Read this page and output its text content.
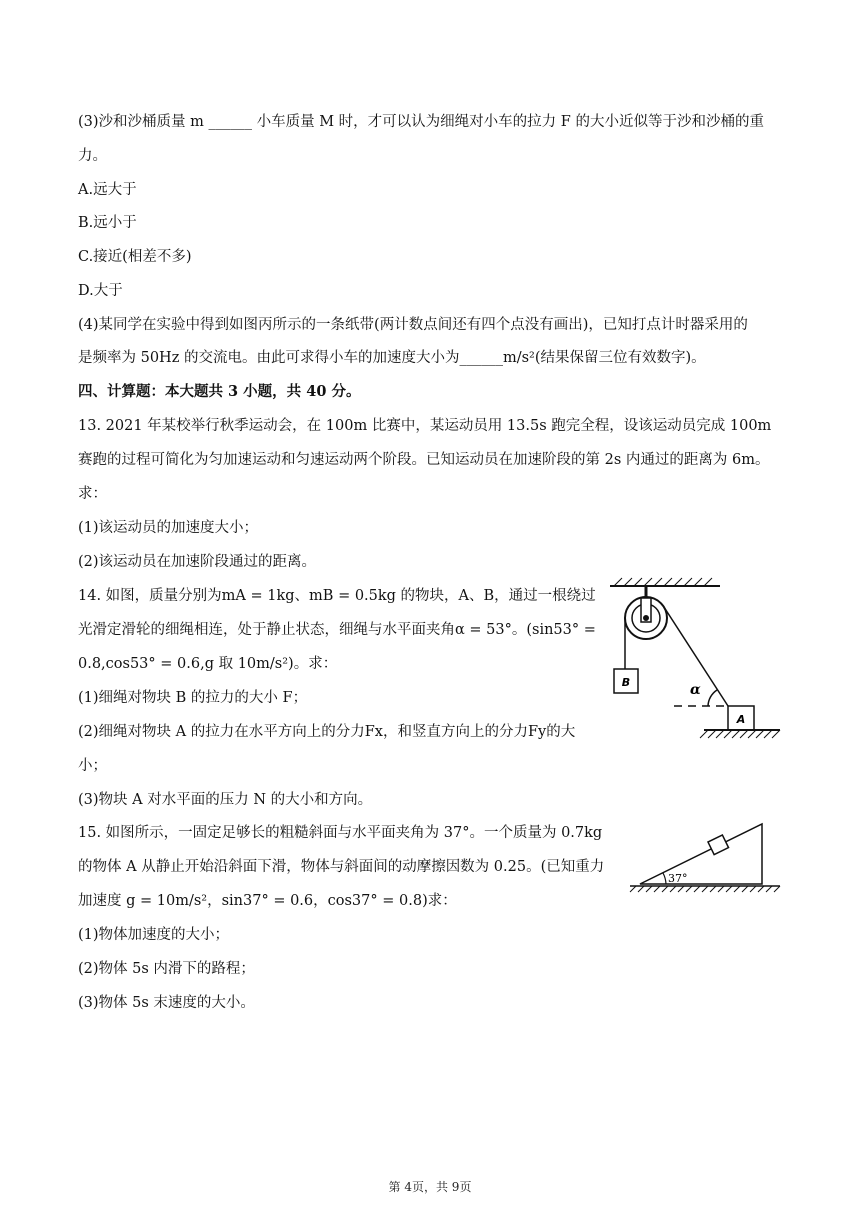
(3)沙和沙桶质量 m ______ 小车质量 M 时，才可以认为细绳对小车的拉力 F 的大小近似等于沙和沙桶的重
力。
A.远大于
B.远小于
C.接近(相差不多)
D.大于
(4)某同学在实验中得到如图丙所示的一条纸带(两计数点间还有四个点没有画出)，已知打点计时器采用的
是频率为 50Hz 的交流电。由此可求得小车的加速度大小为______m/s²(结果保留三位有效数字)。
四、计算题：本大题共 3 小题，共 40 分。
13. 2021 年某校举行秋季运动会，在 100m 比赛中，某运动员用 13.5s 跑完全程，设该运动员完成 100m
赛跑的过程可简化为匀加速运动和匀速运动两个阶段。已知运动员在加速阶段的第 2s 内通过的距离为 6m。
求：
(1)该运动员的加速度大小；
(2)该运动员在加速阶段通过的距离。
14. 如图，质量分别为mA = 1kg、mB = 0.5kg 的物块，A、B，通过一根绕过
光滑定滑轮的细绳相连，处于静止状态，细绳与水平面夹角α = 53°。(sin53° =
0.8,cos53° = 0.6,g 取 10m/s²)。求：
(1)细绳对物块 B 的拉力的大小 F；
(2)细绳对物块 A 的拉力在水平方向上的分力Fx，和竖直方向上的分力Fy的大
小；
(3)物块 A 对水平面的压力 N 的大小和方向。
B	α
A
15. 如图所示，一固定足够长的粗糙斜面与水平面夹角为 37°。一个质量为 0.7kg
的物体 A 从静止开始沿斜面下滑，物体与斜面间的动摩擦因数为 0.25。(已知重力
加速度 g = 10m/s²，sin37° = 0.6，cos37° = 0.8)求：
(1)物体加速度的大小；
(2)物体 5s 内滑下的路程；
(3)物体 5s 末速度的大小。
37°
第 4页，共 9页
